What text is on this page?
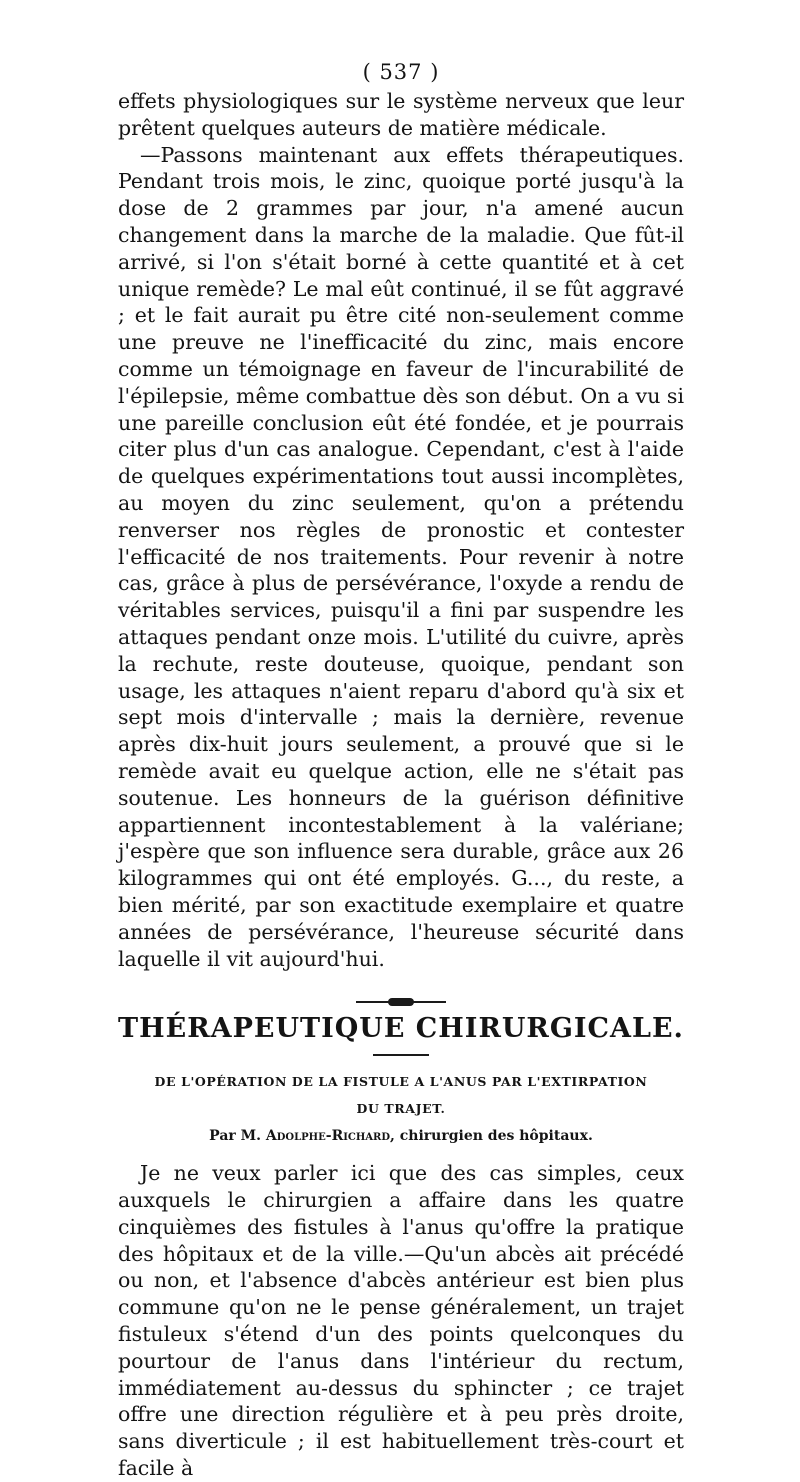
( 537 )

effets physiologiques sur le système nerveux que leur prêtent quelques auteurs de matière médicale.

—Passons maintenant aux effets thérapeutiques. Pendant trois mois, le zinc, quoique porté jusqu'à la dose de 2 grammes par jour, n'a amené aucun changement dans la marche de la maladie. Que fût-il arrivé, si l'on s'était borné à cette quantité et à cet unique remède? Le mal eût continué, il se fût aggravé ; et le fait aurait pu être cité non-seulement comme une preuve ne l'inefficacité du zinc, mais encore comme un témoignage en faveur de l'incurabilité de l'épilepsie, même combattue dès son début. On a vu si une pareille conclusion eût été fondée, et je pourrais citer plus d'un cas analogue. Cependant, c'est à l'aide de quelques expérimentations tout aussi incomplètes, au moyen du zinc seulement, qu'on a prétendu renverser nos règles de pronostic et contester l'efficacité de nos traitements. Pour revenir à notre cas, grâce à plus de persévérance, l'oxyde a rendu de véritables services, puisqu'il a fini par suspendre les attaques pendant onze mois. L'utilité du cuivre, après la rechute, reste douteuse, quoique, pendant son usage, les attaques n'aient reparu d'abord qu'à six et sept mois d'intervalle ; mais la dernière, revenue après dix-huit jours seulement, a prouvé que si le remède avait eu quelque action, elle ne s'était pas soutenue. Les honneurs de la guérison définitive appartiennent incontestablement à la valériane; j'espère que son influence sera durable, grâce aux 26 kilogrammes qui ont été employés. G..., du reste, a bien mérité, par son exactitude exemplaire et quatre années de persévérance, l'heureuse sécurité dans laquelle il vit aujourd'hui.

THÉRAPEUTIQUE CHIRURGICALE.

DE L'OPÉRATION DE LA FISTULE A L'ANUS PAR L'EXTIRPATION

DU TRAJET.

Par M. Adolphe-Richard, chirurgien des hôpitaux.

Je ne veux parler ici que des cas simples, ceux auxquels le chirurgien a affaire dans les quatre cinquièmes des fistules à l'anus qu'offre la pratique des hôpitaux et de la ville.—Qu'un abcès ait précédé ou non, et l'absence d'abcès antérieur est bien plus commune qu'on ne le pense généralement, un trajet fistuleux s'étend d'un des points quelconques du pourtour de l'anus dans l'intérieur du rectum, immédiatement au-dessus du sphincter ; ce trajet offre une direction régulière et à peu près droite, sans diverticule ; il est habituellement très-court et facile à
